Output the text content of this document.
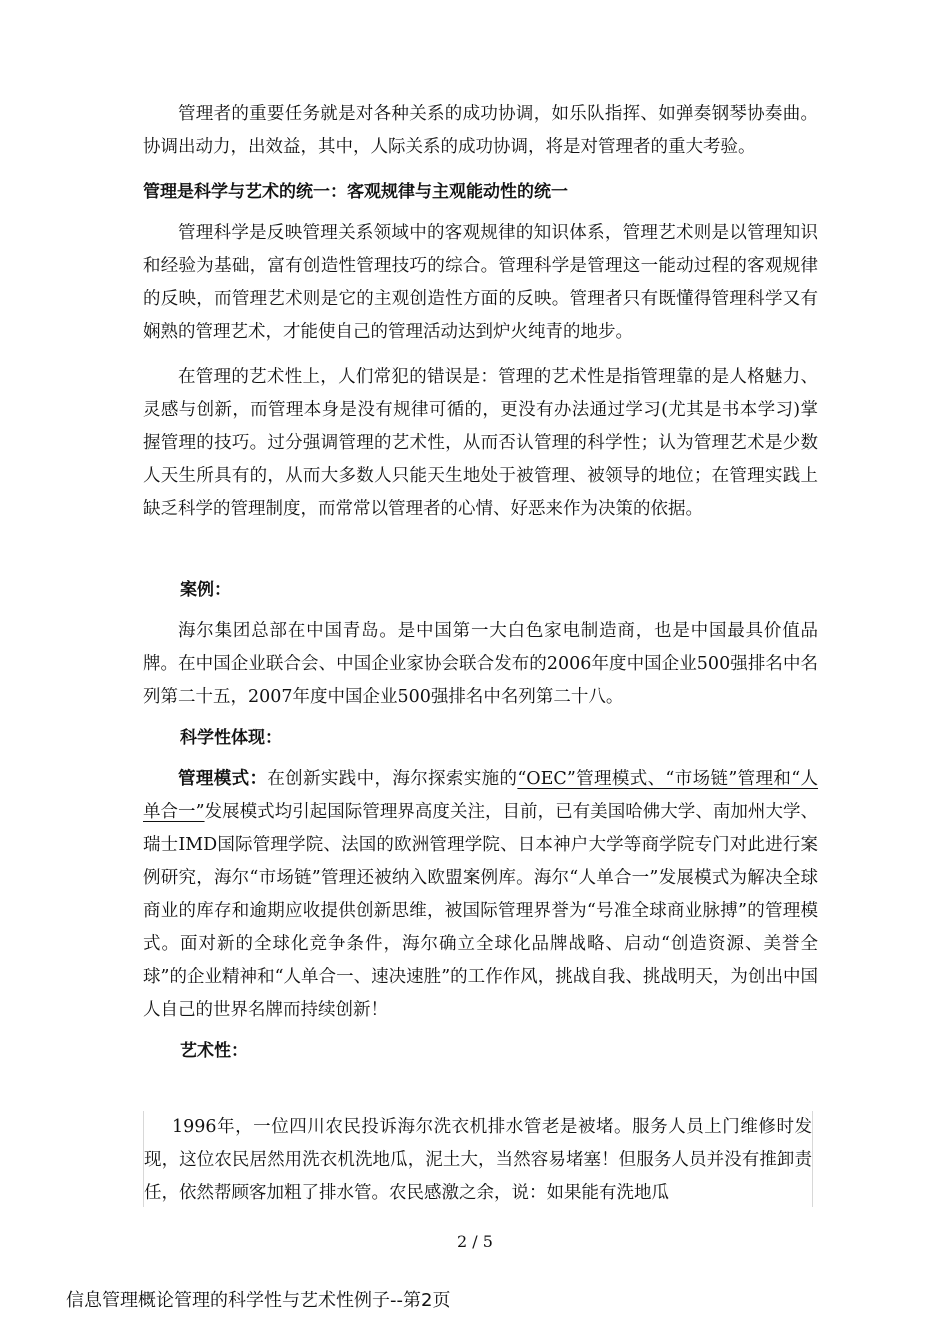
管理者的重要任务就是对各种关系的成功协调，如乐队指挥、如弹奏钢琴协奏曲。协调出动力，出效益，其中，人际关系的成功协调，将是对管理者的重大考验。

管理是科学与艺术的统一：客观规律与主观能动性的统一

管理科学是反映管理关系领域中的客观规律的知识体系，管理艺术则是以管理知识和经验为基础，富有创造性管理技巧的综合。管理科学是管理这一能动过程的客观规律的反映，而管理艺术则是它的主观创造性方面的反映。管理者只有既懂得管理科学又有娴熟的管理艺术，才能使自己的管理活动达到炉火纯青的地步。

在管理的艺术性上，人们常犯的错误是：管理的艺术性是指管理靠的是人格魅力、灵感与创新，而管理本身是没有规律可循的，更没有办法通过学习(尤其是书本学习)掌握管理的技巧。过分强调管理的艺术性，从而否认管理的科学性；认为管理艺术是少数人天生所具有的，从而大多数人只能天生地处于被管理、被领导的地位；在管理实践上缺乏科学的管理制度，而常常以管理者的心情、好恶来作为决策的依据。

案例：

海尔集团总部在中国青岛。是中国第一大白色家电制造商，也是中国最具价值品牌。在中国企业联合会、中国企业家协会联合发布的2006年度中国企业500强排名中名列第二十五，2007年度中国企业500强排名中名列第二十八。

科学性体现：

管理模式：在创新实践中，海尔探索实施的“OEC”管理模式、“市场链”管理和“人单合一”发展模式均引起国际管理界高度关注，目前，已有美国哈佛大学、南加州大学、瑞士IMD国际管理学院、法国的欧洲管理学院、日本神户大学等商学院专门对此进行案例研究，海尔“市场链”管理还被纳入欧盟案例库。海尔“人单合一”发展模式为解决全球商业的库存和逾期应收提供创新思维，被国际管理界誉为“号准全球商业脉搏”的管理模式。面对新的全球化竞争条件，海尔确立全球化品牌战略、启动“创造资源、美誉全球”的企业精神和“人单合一、速决速胜”的工作作风，挑战自我、挑战明天，为创出中国人自己的世界名牌而持续创新！

艺术性：

1996年，一位四川农民投诉海尔洗衣机排水管老是被堵。服务人员上门维修时发现，这位农民居然用洗衣机洗地瓜，泥土大，当然容易堵塞！但服务人员并没有推卸责任，依然帮顾客加粗了排水管。农民感激之余，说：如果能有洗地瓜

2 / 5
信息管理概论管理的科学性与艺术性例子--第2页
